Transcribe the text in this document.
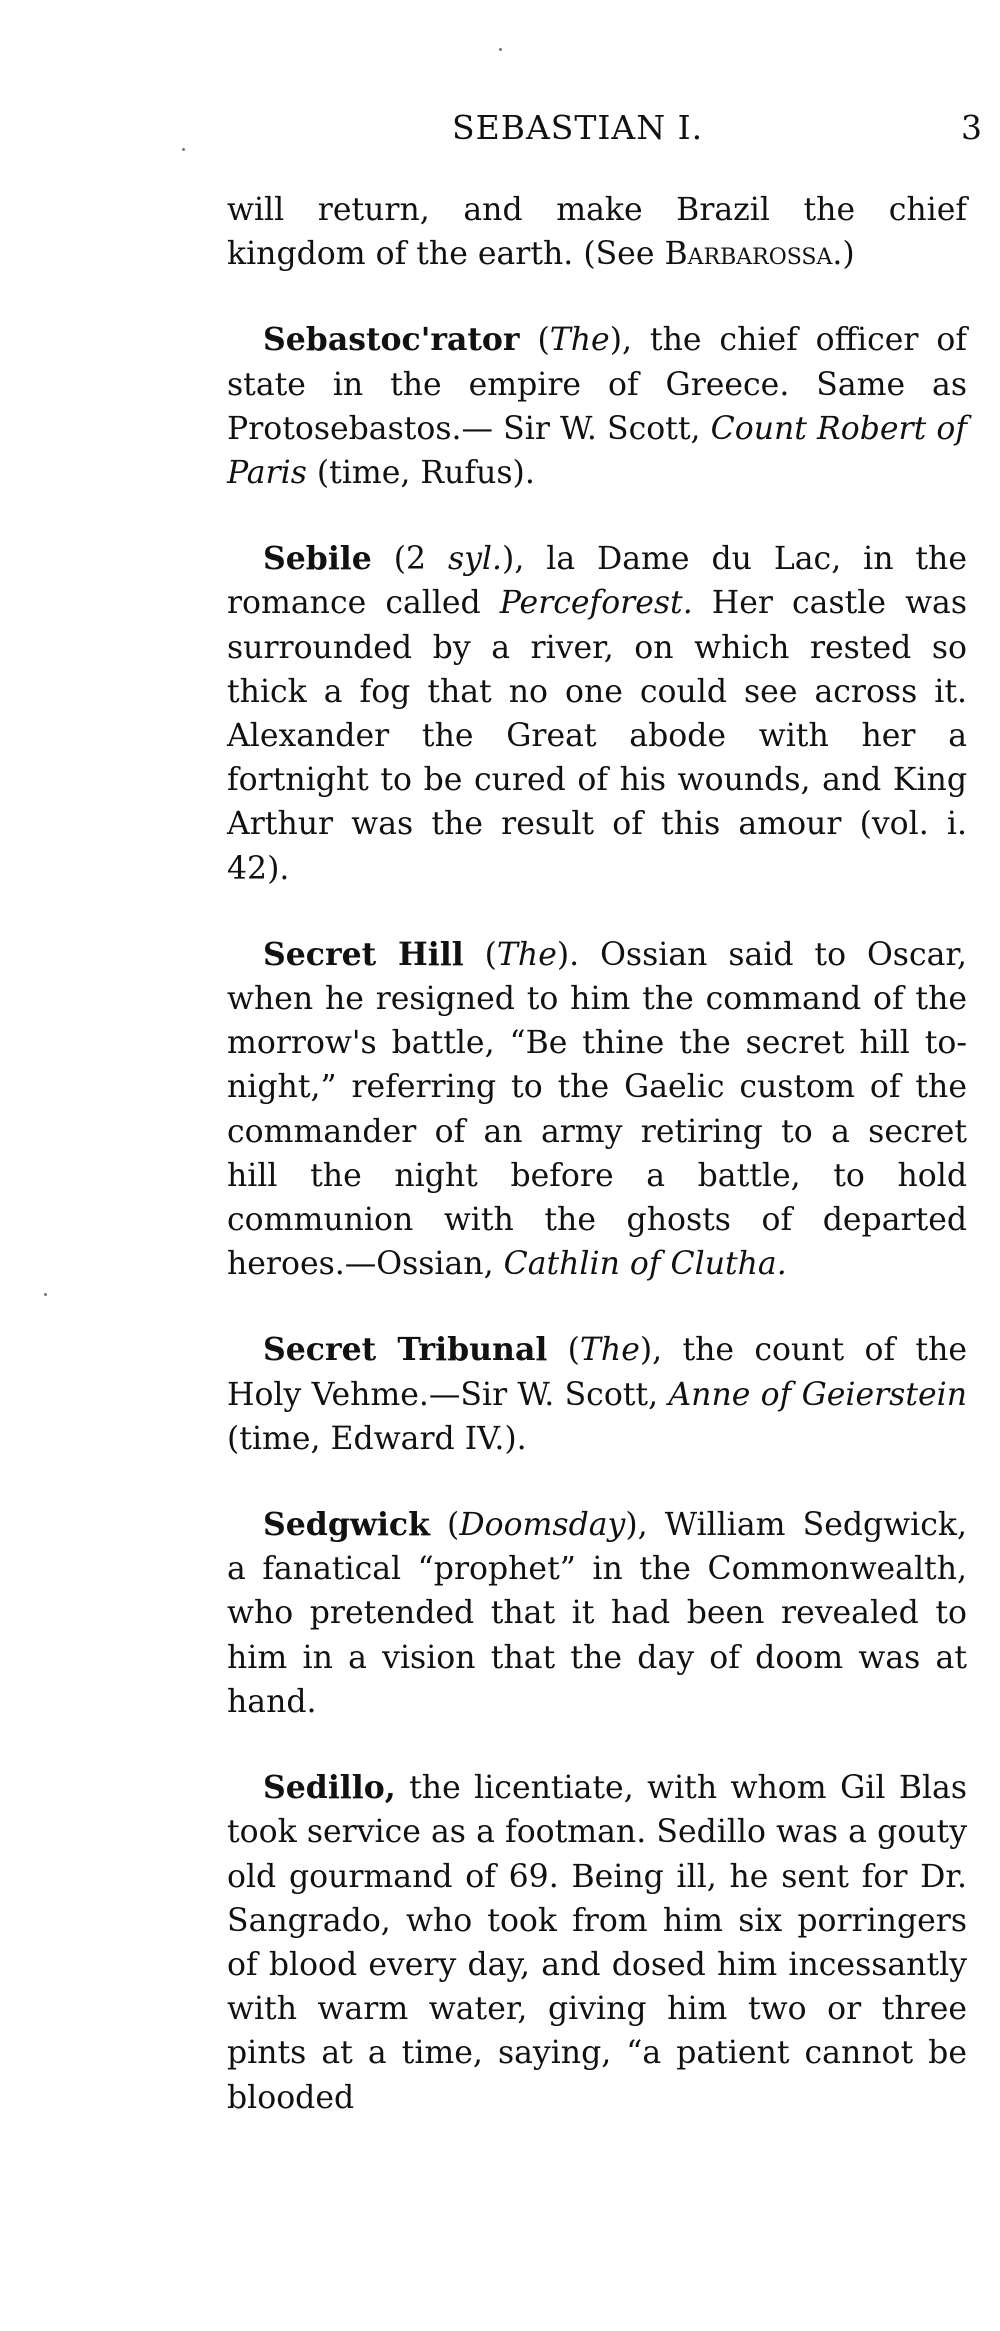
SEBASTIAN I.	3

will return, and make Brazil the chief kingdom of the earth. (See Barbarossa.)

Sebastoc'rator (The), the chief officer of state in the empire of Greece. Same as Protosebastos.— Sir W. Scott, Count Robert of Paris (time, Rufus).

Sebile (2 syl.), la Dame du Lac, in the romance called Perceforest. Her castle was surrounded by a river, on which rested so thick a fog that no one could see across it. Alexander the Great abode with her a fortnight to be cured of his wounds, and King Arthur was the result of this amour (vol. i. 42).

Secret Hill (The). Ossian said to Oscar, when he resigned to him the command of the morrow's battle, “Be thine the secret hill to-night,” referring to the Gaelic custom of the commander of an army retiring to a secret hill the night before a battle, to hold communion with the ghosts of departed heroes.—Ossian, Cathlin of Clutha.

Secret Tribunal (The), the count of the Holy Vehme.—Sir W. Scott, Anne of Geierstein (time, Edward IV.).

Sedgwick (Doomsday), William Sedgwick, a fanatical “prophet” in the Commonwealth, who pretended that it had been revealed to him in a vision that the day of doom was at hand.

Sedillo, the licentiate, with whom Gil Blas took service as a footman. Sedillo was a gouty old gourmand of 69. Being ill, he sent for Dr. Sangrado, who took from him six porringers of blood every day, and dosed him incessantly with warm water, giving him two or three pints at a time, saying, “a patient cannot be blooded
